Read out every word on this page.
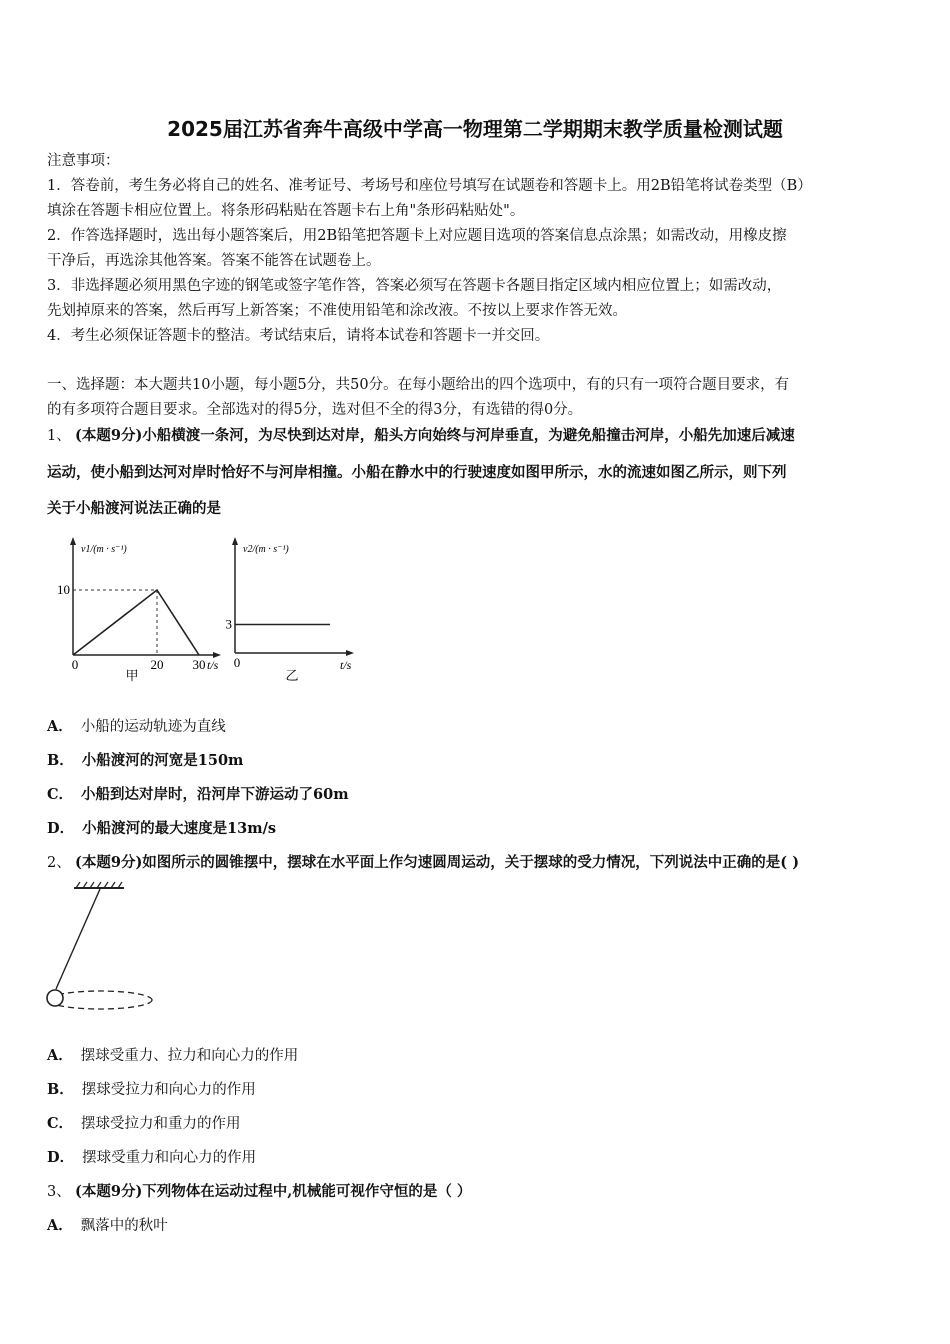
2025届江苏省奔牛高级中学高一物理第二学期期末教学质量检测试题
注意事项：
1．答卷前，考生务必将自己的姓名、准考证号、考场号和座位号填写在试题卷和答题卡上。用2B铅笔将试卷类型（B）
填涂在答题卡相应位置上。将条形码粘贴在答题卡右上角"条形码粘贴处"。
2．作答选择题时，选出每小题答案后，用2B铅笔把答题卡上对应题目选项的答案信息点涂黑；如需改动，用橡皮擦
干净后，再选涂其他答案。答案不能答在试题卷上。
3．非选择题必须用黑色字迹的钢笔或签字笔作答，答案必须写在答题卡各题目指定区域内相应位置上；如需改动，
先划掉原来的答案，然后再写上新答案；不准使用铅笔和涂改液。不按以上要求作答无效。
4．考生必须保证答题卡的整洁。考试结束后，请将本试卷和答题卡一并交回。
一、选择题：本大题共10小题，每小题5分，共50分。在每小题给出的四个选项中，有的只有一项符合题目要求，有
的有多项符合题目要求。全部选对的得5分，选对但不全的得3分，有选错的得0分。
1、 (本题9分)小船横渡一条河，为尽快到达对岸，船头方向始终与河岸垂直，为避免船撞击河岸，小船先加速后减速
运动，使小船到达河对岸时恰好不与河岸相撞。小船在静水中的行驶速度如图甲所示，水的流速如图乙所示，则下列
关于小船渡河说法正确的是
v1/(m · s⁻¹)
10
0	20 30 t/s
甲
v2/(m · s⁻¹)
3
0	t/s
乙
A． 小船的运动轨迹为直线
B． 小船渡河的河宽是150m
C． 小船到达对岸时，沿河岸下游运动了60m
D． 小船渡河的最大速度是13m/s
2、 (本题9分)如图所示的圆锥摆中，摆球在水平面上作匀速圆周运动，关于摆球的受力情况，下列说法中正确的是( )
A． 摆球受重力、拉力和向心力的作用
B． 摆球受拉力和向心力的作用
C． 摆球受拉力和重力的作用
D． 摆球受重力和向心力的作用
3、 (本题9分)下列物体在运动过程中,机械能可视作守恒的是（ ）
A． 飘落中的秋叶
